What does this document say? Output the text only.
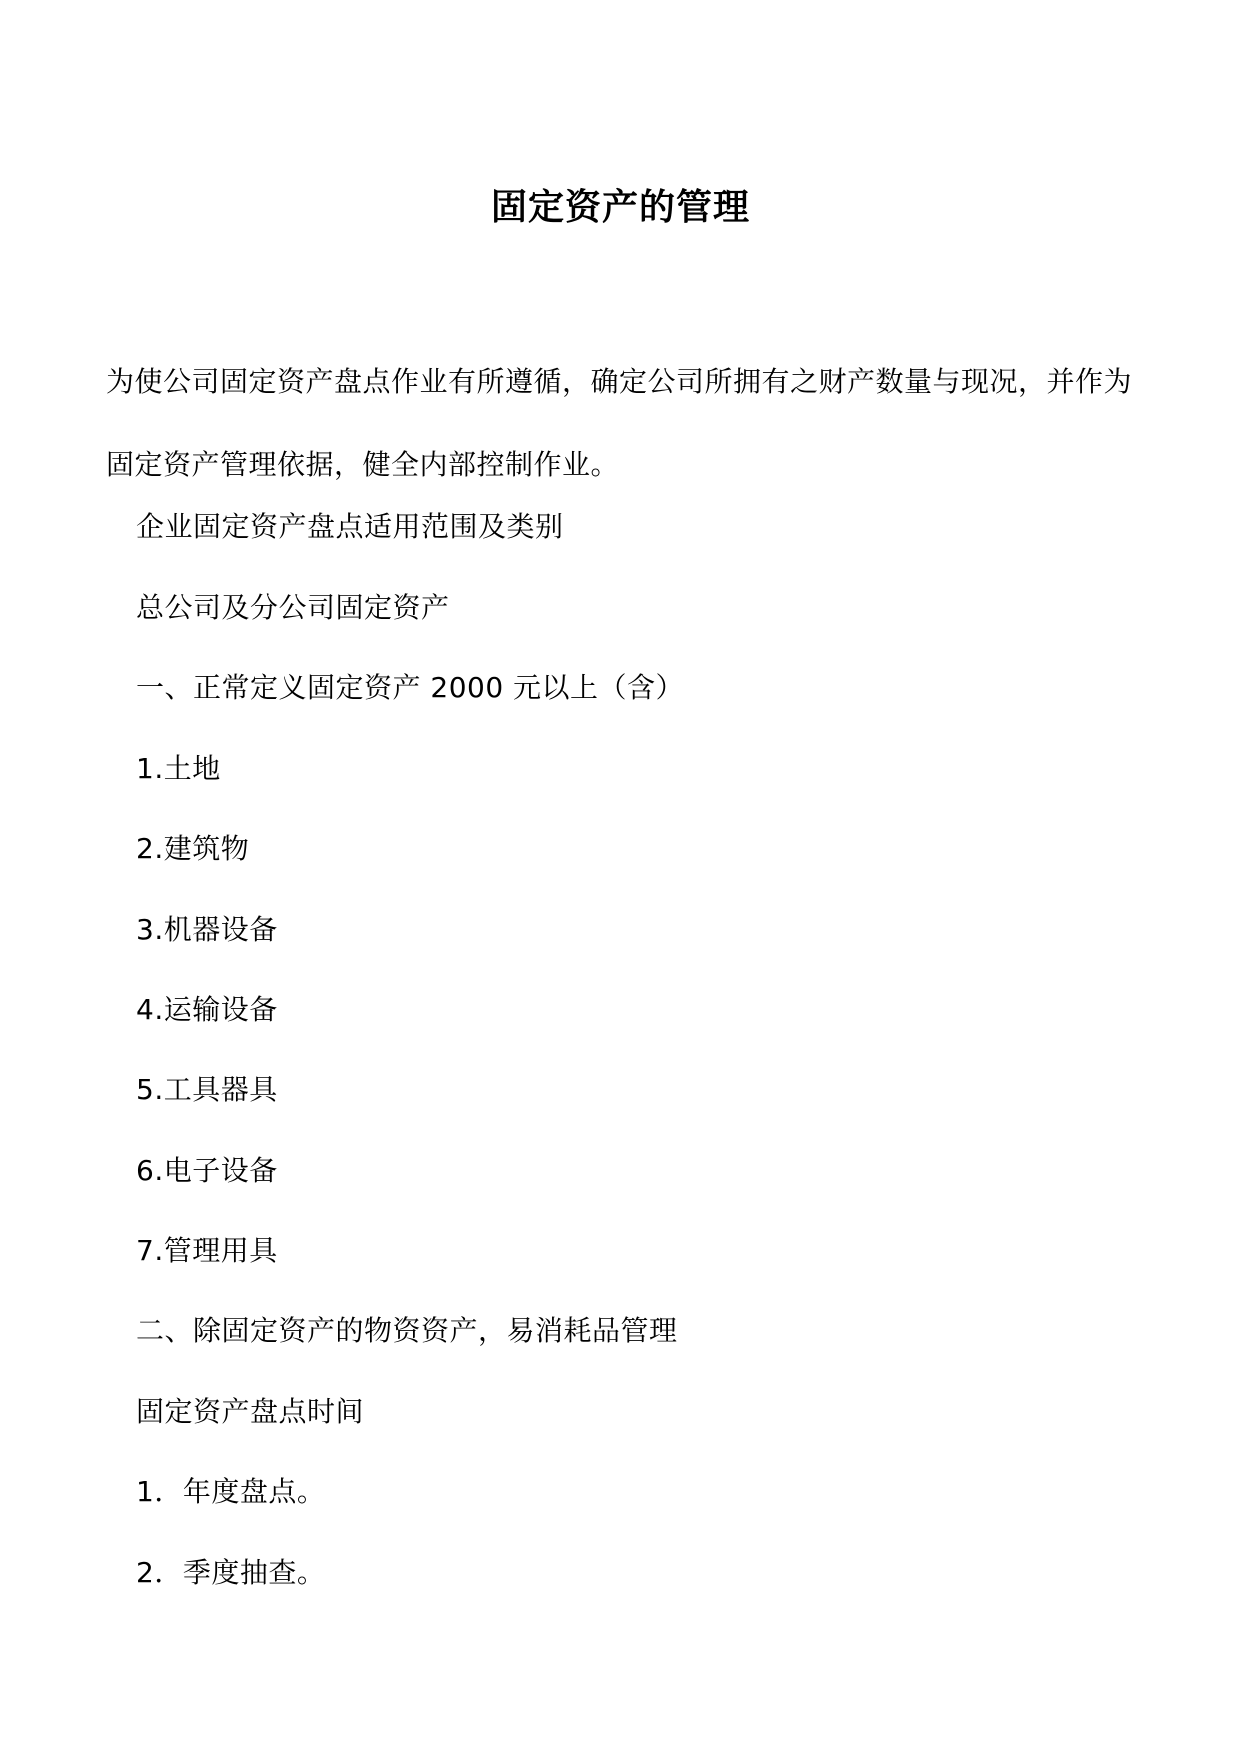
固定资产的管理

为使公司固定资产盘点作业有所遵循，确定公司所拥有之财产数量与现况，并作为固定资产管理依据，健全内部控制作业。

企业固定资产盘点适用范围及类别

总公司及分公司固定资产

一、正常定义固定资产 2000 元以上（含）

1.土地

2.建筑物

3.机器设备

4.运输设备

5.工具器具

6.电子设备

7.管理用具

二、除固定资产的物资资产，易消耗品管理

固定资产盘点时间

1．年度盘点。

2．季度抽查。
